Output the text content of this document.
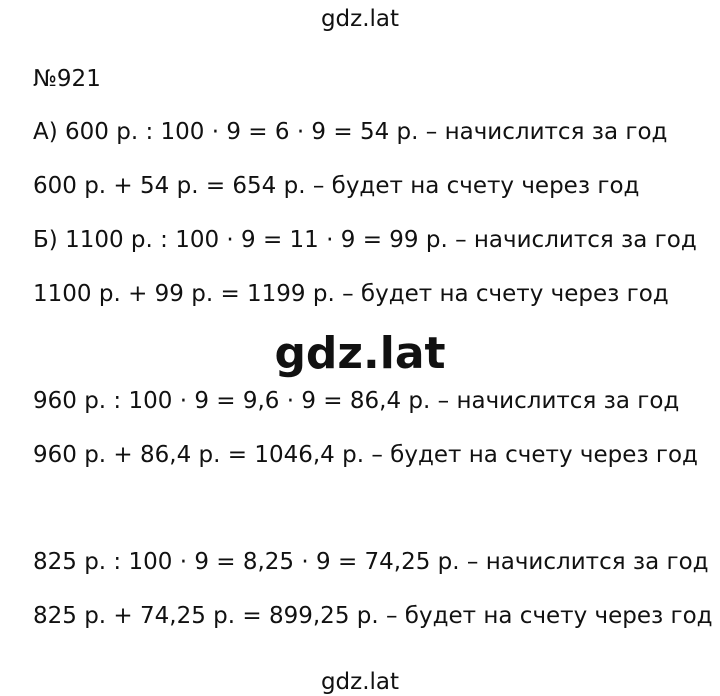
gdz.lat
№921
А) 600 р. : 100 · 9 = 6 · 9 = 54 р. – начислится за год
600 р. + 54 р. = 654 р. – будет на счету через год
Б) 1100 р. : 100 · 9 = 11 · 9 = 99 р. – начислится за год
1100 р. + 99 р. = 1199 р. – будет на счету через год
gdz.lat
960 р. : 100 · 9 = 9,6 · 9 = 86,4 р. – начислится за год
960 р. + 86,4 р. = 1046,4 р. – будет на счету через год
825 р. : 100 · 9 = 8,25 · 9 = 74,25 р. – начислится за год
825 р. + 74,25 р. = 899,25 р. – будет на счету через год
gdz.lat
